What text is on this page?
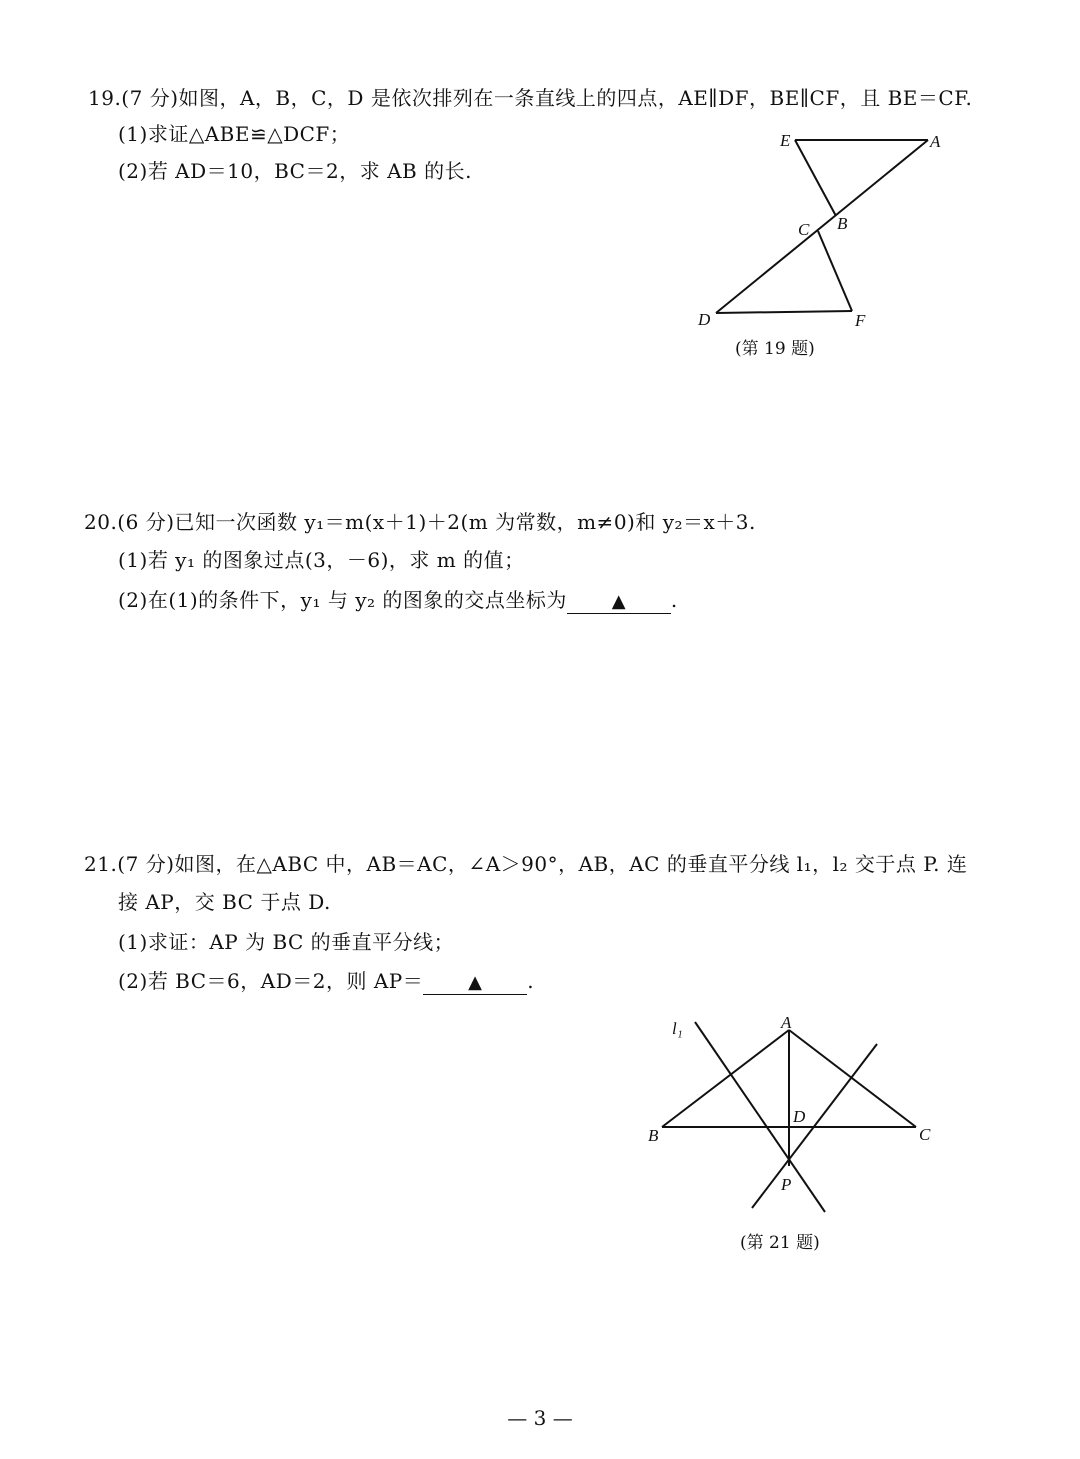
19.(7 分)如图，A，B，C，D 是依次排列在一条直线上的四点，AE∥DF，BE∥CF，且 BE＝CF.
(1)求证△ABE≌△DCF；
(2)若 AD＝10，BC＝2，求 AB 的长.
E	A
C B
D	F
(第 19 题)
20.(6 分)已知一次函数 y₁＝m(x＋1)＋2(m 为常数，m≠0)和 y₂＝x＋3.
(1)若 y₁ 的图象过点(3，－6)，求 m 的值；
(2)在(1)的条件下，y₁ 与 y₂ 的图象的交点坐标为 ▲ .
21.(7 分)如图，在△ABC 中，AB＝AC，∠A＞90°，AB，AC 的垂直平分线 l₁，l₂ 交于点 P. 连
接 AP，交 BC 于点 D.
(1)求证：AP 为 BC 的垂直平分线；
(2)若 BC＝6，AD＝2，则 AP＝ ▲ .
l₁	A
B	C
D
P
(第 21 题)
— 3 —
